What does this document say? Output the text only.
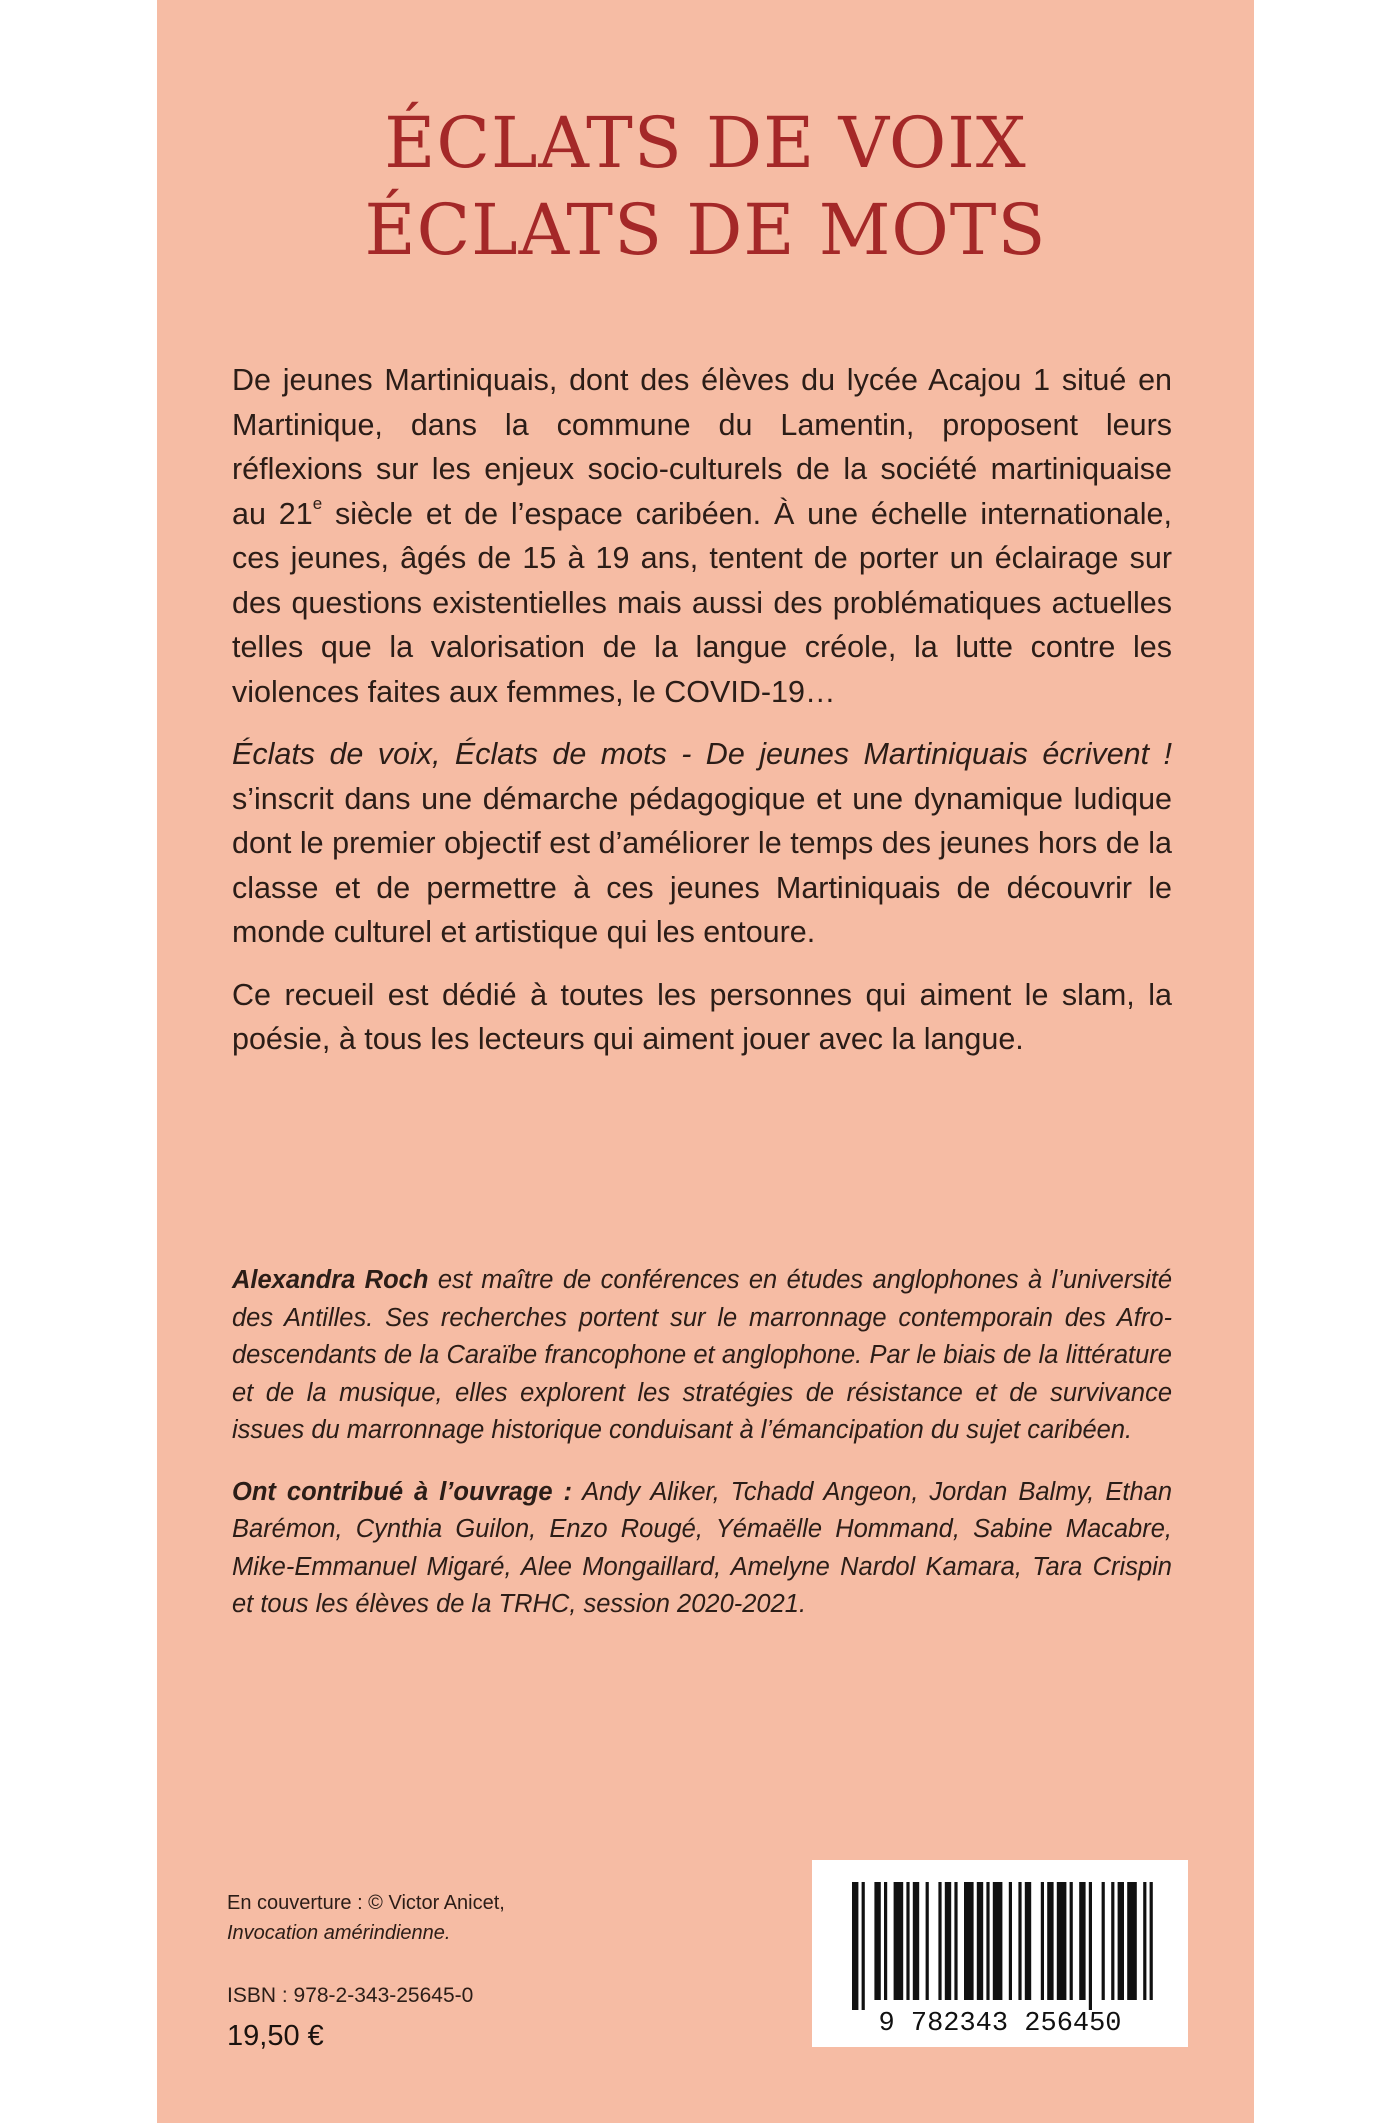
ÉCLATS DE VOIX
ÉCLATS DE MOTS

De jeunes Martiniquais, dont des élèves du lycée Acajou 1 situé en Martinique, dans la commune du Lamentin, proposent leurs réflexions sur les enjeux socio-culturels de la société martiniquaise au 21e siècle et de l’espace caribéen. À une échelle internationale, ces jeunes, âgés de 15 à 19 ans, tentent de porter un éclairage sur des questions existentielles mais aussi des problématiques actuelles telles que la valorisation de la langue créole, la lutte contre les violences faites aux femmes, le COVID-19…

Éclats de voix, Éclats de mots - De jeunes Martiniquais écrivent ! s’inscrit dans une démarche pédagogique et une dynamique ludique dont le premier objectif est d’améliorer le temps des jeunes hors de la classe et de permettre à ces jeunes Martiniquais de découvrir le monde culturel et artistique qui les entoure.

Ce recueil est dédié à toutes les personnes qui aiment le slam, la poésie, à tous les lecteurs qui aiment jouer avec la langue.

Alexandra Roch est maître de conférences en études anglophones à l’université des Antilles. Ses recherches portent sur le marronnage contemporain des Afro-descendants de la Caraïbe francophone et anglophone. Par le biais de la littérature et de la musique, elles explorent les stratégies de résistance et de survivance issues du marronnage historique conduisant à l’émancipation du sujet caribéen.

Ont contribué à l’ouvrage : Andy Aliker, Tchadd Angeon, Jordan Balmy, Ethan Barémon, Cynthia Guilon, Enzo Rougé, Yémaëlle Hommand, Sabine Macabre, Mike-Emmanuel Migaré, Alee Mongaillard, Amelyne Nardol Kamara, Tara Crispin et tous les élèves de la TRHC, session 2020-2021.

En couverture : © Victor Anicet,
Invocation amérindienne.
ISBN : 978-2-343-25645-0
19,50 €	9 782343 256450
